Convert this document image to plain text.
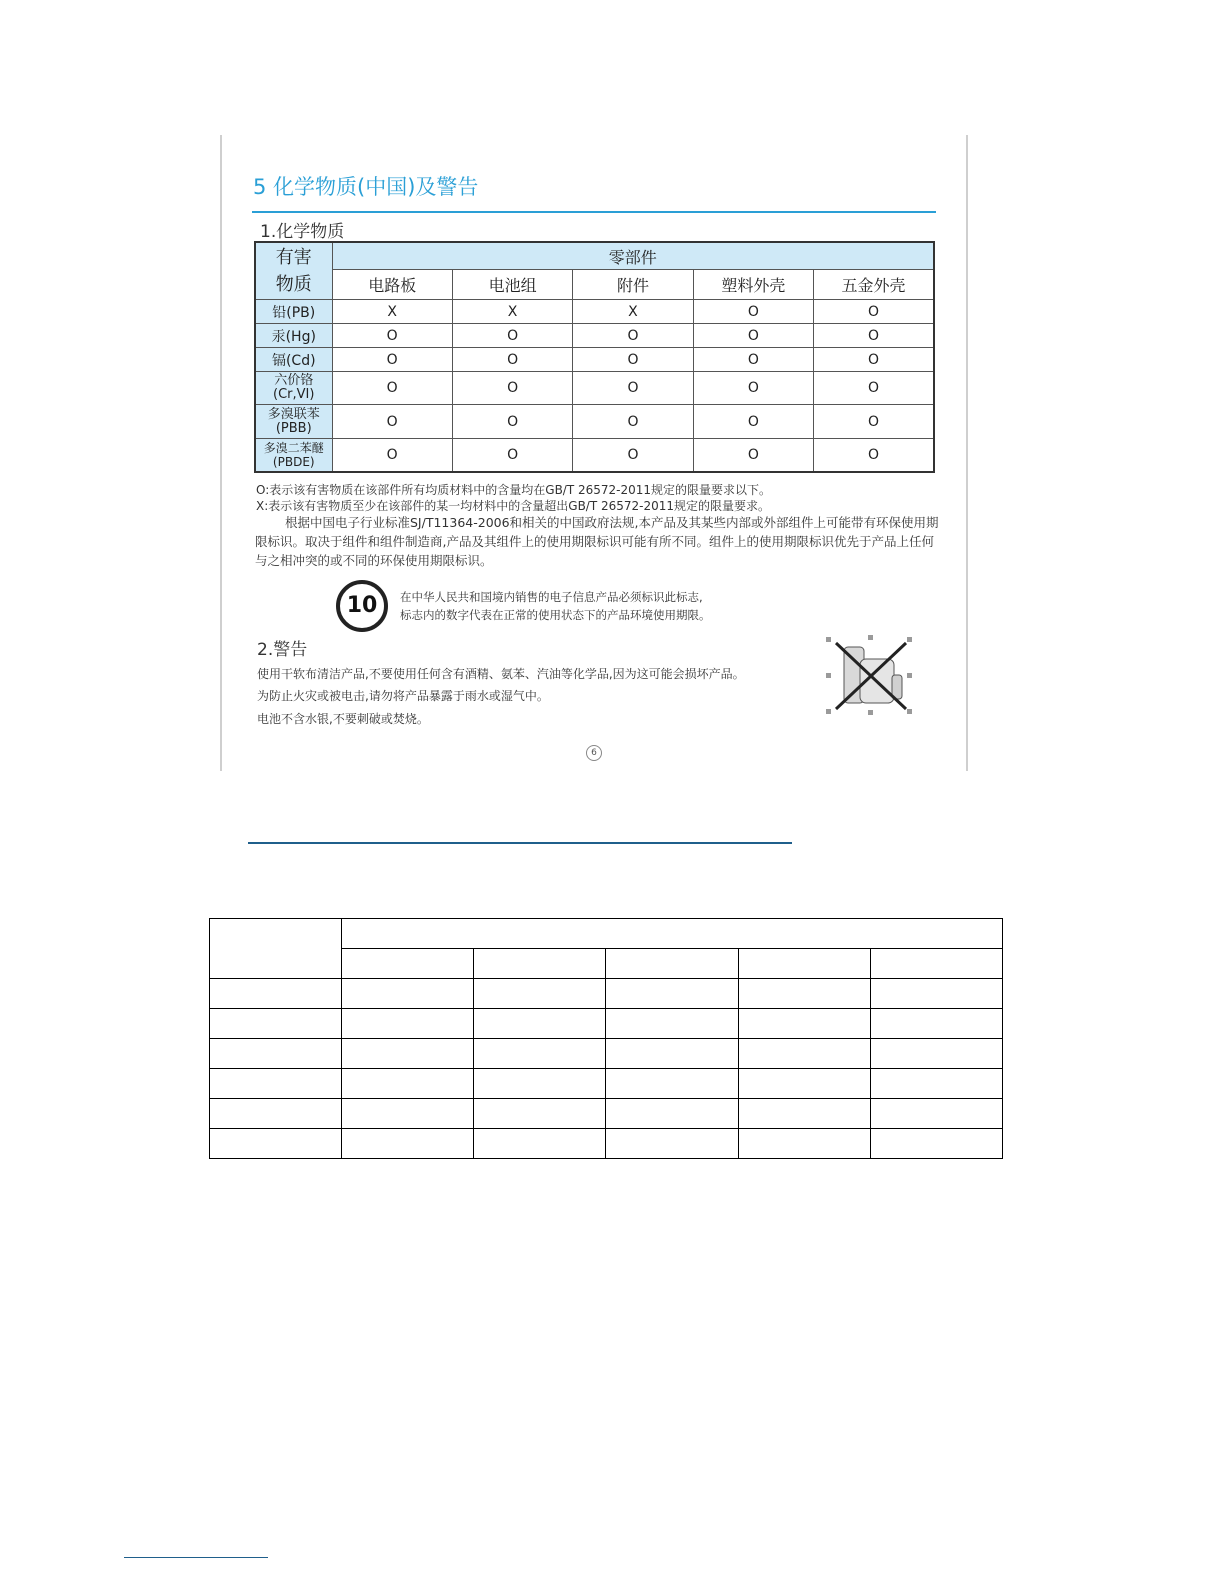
5 化学物质(中国)及警告
1.化学物质
有害
物质	零部件				
	电路板	电池组	附件	塑料外壳	五金外壳
铅(PB)	X	X	X	O	O
汞(Hg)	O	O	O	O	O
镉(Cd)	O	O	O	O	O

六价铬
(Cr,VI)	O	O	O	O	O

多溴联苯
(PBB)	O	O	O	O	O

多溴二苯醚
(PBDE)	O	O	O	O	O
O:表示该有害物质在该部件所有均质材料中的含量均在GB/T 26572-2011规定的限量要求以下。
X:表示该有害物质至少在该部件的某一均材料中的含量超出GB/T 26572-2011规定的限量要求。
根据中国电子行业标准SJ/T11364-2006和相关的中国政府法规,本产品及其某些内部或外部组件上可能带有环保使用期限标识。取决于组件和组件制造商,产品及其组件上的使用期限标识可能有所不同。组件上的使用期限标识优先于产品上任何与之相冲突的或不同的环保使用期限标识。
10	在中华人民共和国境内销售的电子信息产品必须标识此标志,
标志内的数字代表在正常的使用状态下的产品环境使用期限。
2.警告
使用干软布清洁产品,不要使用任何含有酒精、氨苯、汽油等化学品,因为这可能会损坏产品。
为防止火灾或被电击,请勿将产品暴露于雨水或湿气中。
电池不含水银,不要刺破或焚烧。
6
